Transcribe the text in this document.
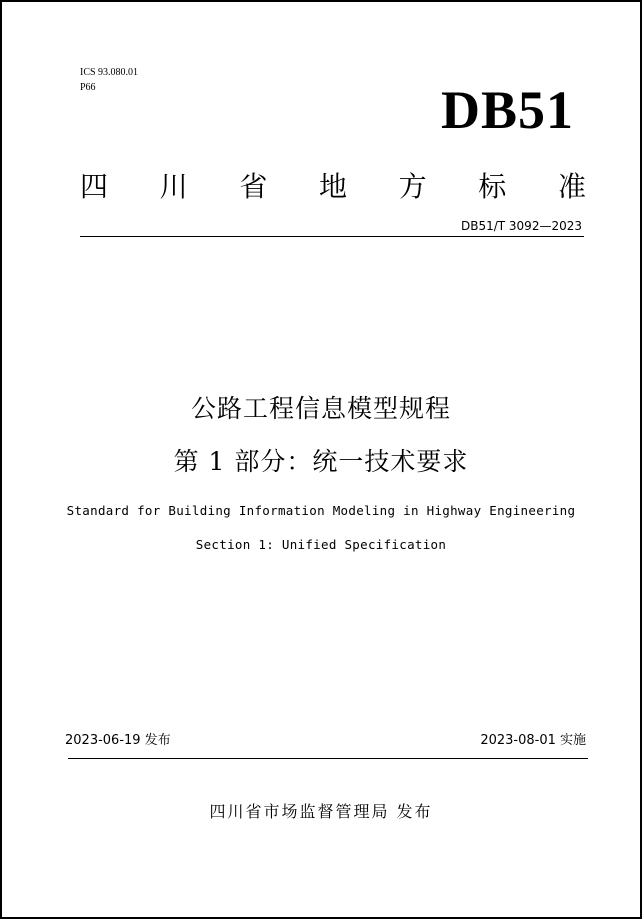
ICS 93.080.01
P66	DB51
四 川 省 地 方 标 准
DB51/T 3092—2023
公路工程信息模型规程
第 1 部分：统一技术要求
Standard for Building Information Modeling in Highway Engineering
Section 1: Unified Specification
2023-06-19 发布	2023-08-01 实施
四川省市场监督管理局 发布
